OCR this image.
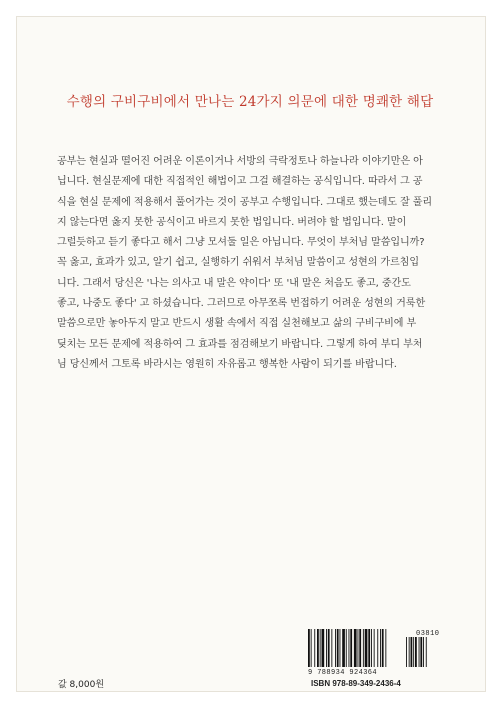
수행의 구비구비에서 만나는 24가지 의문에 대한 명쾌한 해답
공부는 현실과 떨어진 어려운 이론이거나 서방의 극락정토나 하늘나라 이야기만은 아
닙니다. 현실문제에 대한 직접적인 해법이고 그걸 해결하는 공식입니다. 따라서 그 공
식을 현실 문제에 적용해서 풀어가는 것이 공부고 수행입니다. 그대로 했는데도 잘 풀리
지 않는다면 옳지 못한 공식이고 바르지 못한 법입니다. 버려야 할 법입니다. 말이
그럴듯하고 듣기 좋다고 해서 그냥 모셔둘 일은 아닙니다. 무엇이 부처님 말씀입니까?
꼭 옳고, 효과가 있고, 알기 쉽고, 실행하기 쉬워서 부처님 말씀이고 성현의 가르침입
니다. 그래서 당신은 '나는 의사고 내 말은 약이다' 또 '내 말은 처음도 좋고, 중간도
좋고, 나중도 좋다' 고 하셨습니다. 그러므로 아무쪼록 번접하기 어려운 성현의 거룩한
말씀으로만 놓아두지 말고 반드시 생활 속에서 직접 실천해보고 삶의 구비구비에 부
딪치는 모든 문제에 적용하여 그 효과를 점검해보기 바랍니다. 그렇게 하여 부디 부처
님 당신께서 그토록 바라시는 영원히 자유롭고 행복한 사람이 되기를 바랍니다.
03810
9 788934 924364
ISBN 978-89-349-2436-4
값 8,000원
